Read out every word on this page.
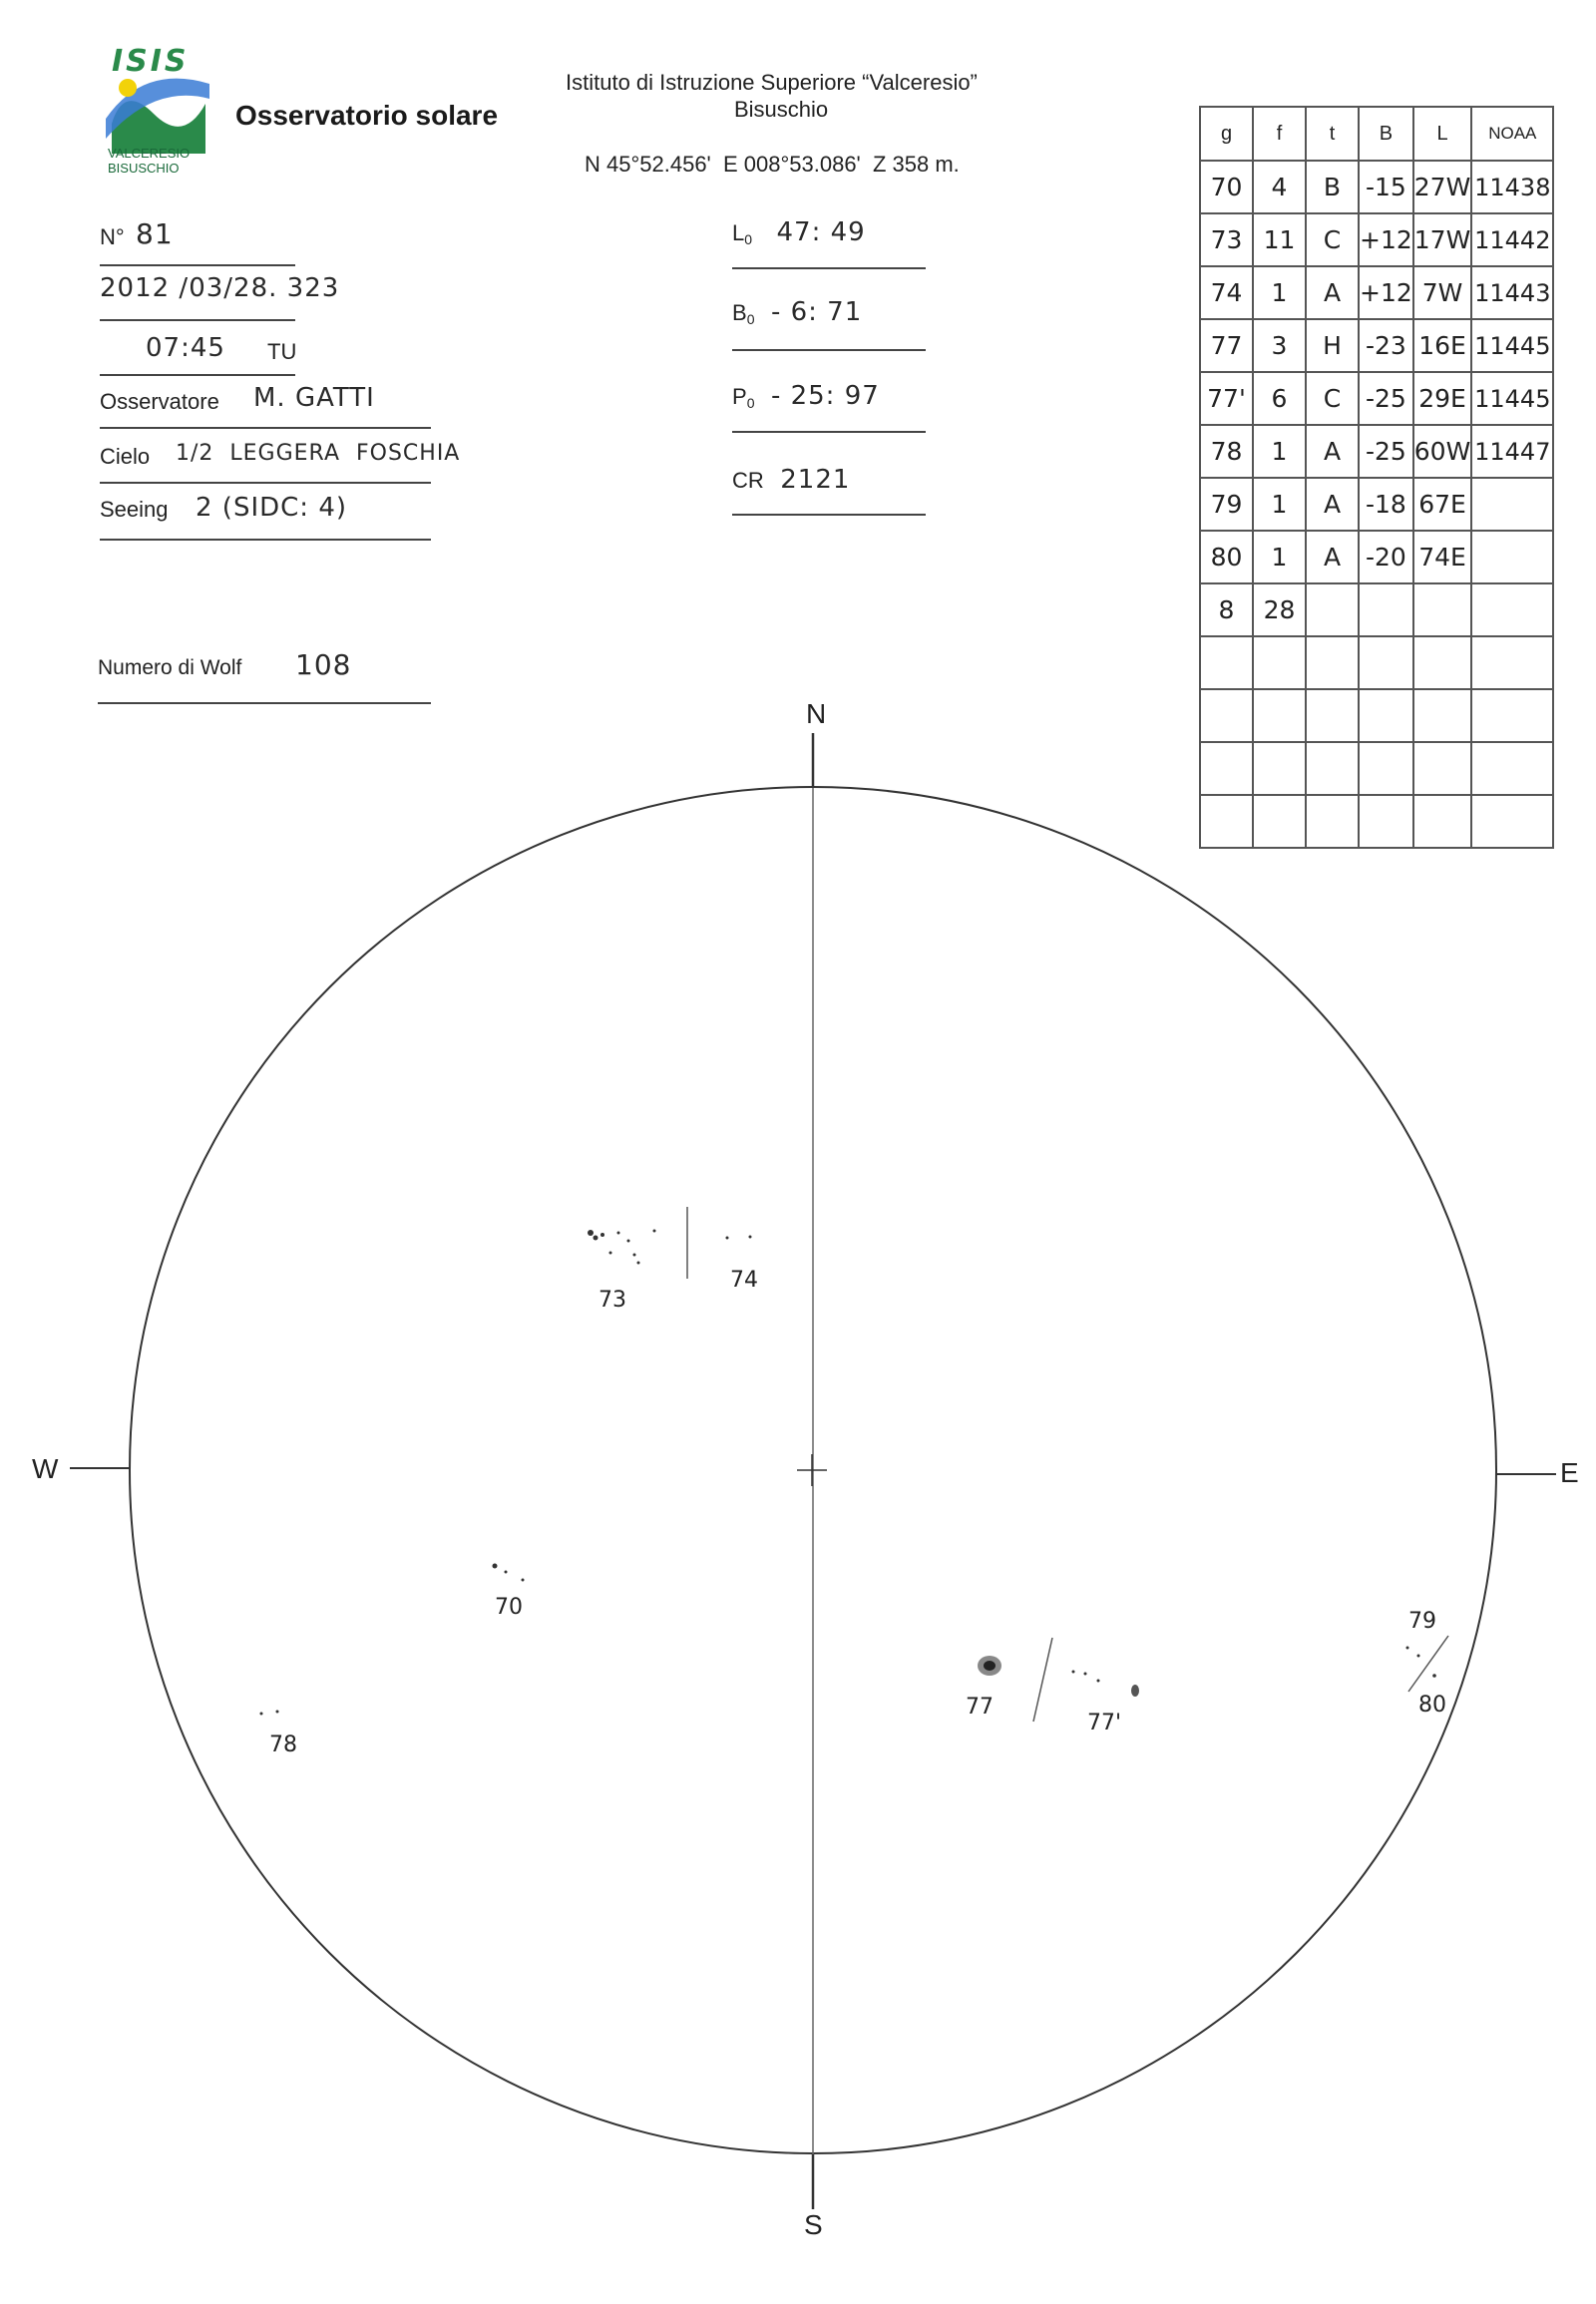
ISIS
VALCERESIO
BISUSCHIO
Osservatorio solare
Istituto di Istruzione Superiore “Valceresio”
Bisuschio
N 45°52.456'  E 008°53.086'  Z 358 m.
N° 81
2012 /03/28. 323
07:45 TU
Osservatore M. GATTI
Cielo 1/2  LEGGERA  FOSCHIA
Seeing 2 (SIDC: 4)
Numero di Wolf 108
$L_0$ 47: 49
$B_0 - 6$: 71
$P_0 - 25$: 97
CR 2121
g	f	t	B	L	NOAA
70	4	B	-15	27W	11438
73	11	C	+12	17W	11442
74	1	A	+12	7W	11443
77	3	H	-23	16E	11445
77'	6	C	-25	29E	11445
78	1	A	-25	60W	11447
79	1	A	-18	67E	
80	1	A	-20	74E	
8	28				

N
S
W	E
73
74
70
78
77
77'
79
80
